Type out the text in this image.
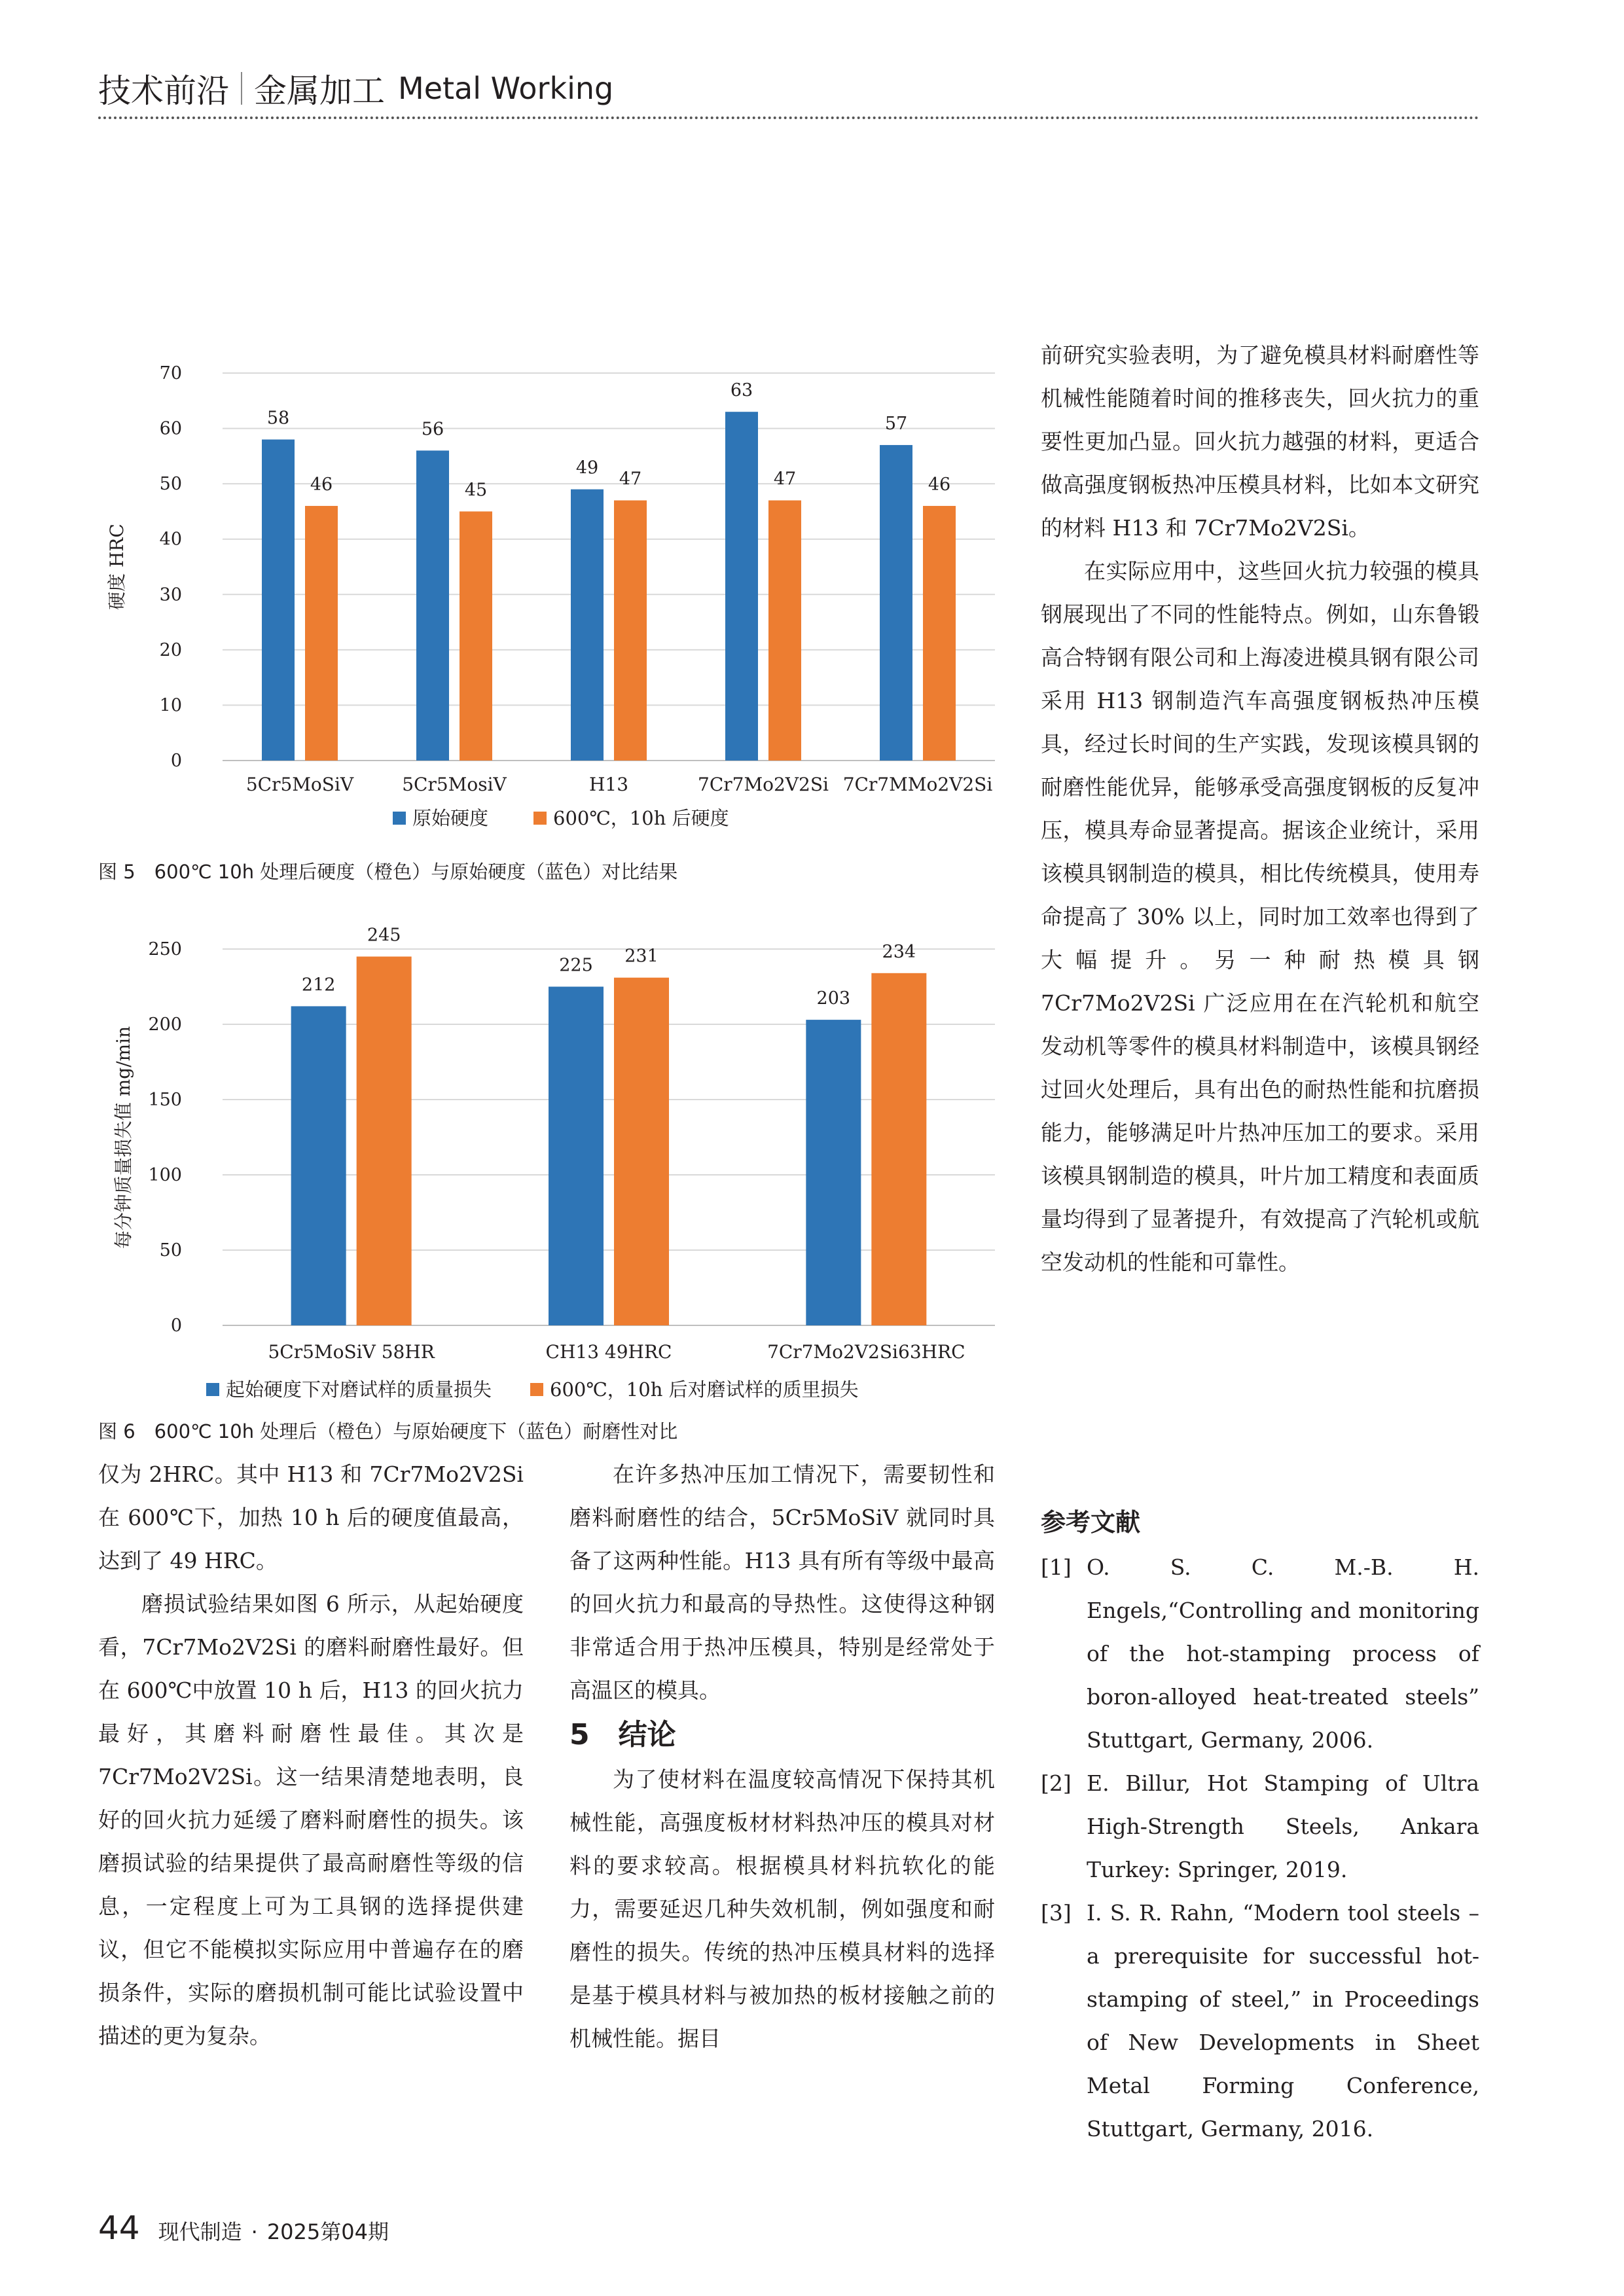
技术前沿 金属加工 Metal Working
0
10
20
30
40
50
60
70
硬度 HRC
5Cr5MoSiV
58
46
5Cr5MosiV
56
45
H13
49
47
7Cr7Mo2V2Si
63
47
7Cr7MMo2V2Si
57
46
原始硬度	600℃，10h 后硬度
图 5　600℃ 10h 处理后硬度（橙色）与原始硬度（蓝色）对比结果
0
50
100
150
200
250
每分钟质量损失值 mg/min
5Cr5MoSiV 58HR
212
245
CH13 49HRC
225 231
7Cr7Mo2V2Si63HRC
203
234
起始硬度下对磨试样的质量损失	600℃，10h 后对磨试样的质里损失
图 6　600℃ 10h 处理后（橙色）与原始硬度下（蓝色）耐磨性对比

仅为 2HRC。其中 H13 和 7Cr7Mo2V2Si 在 600℃下，加热 10 h 后的硬度值最高，达到了 49 HRC。

磨损试验结果如图 6 所示，从起始硬度看，7Cr7Mo2V2Si 的磨料耐磨性最好。但在 600℃中放置 10 h 后，H13 的回火抗力最好，其磨料耐磨性最佳。其次是 7Cr7Mo2V2Si。这一结果清楚地表明，良好的回火抗力延缓了磨料耐磨性的损失。该磨损试验的结果提供了最高耐磨性等级的信息，一定程度上可为工具钢的选择提供建议，但它不能模拟实际应用中普遍存在的磨损条件，实际的磨损机制可能比试验设置中描述的更为复杂。

在许多热冲压加工情况下，需要韧性和磨料耐磨性的结合，5Cr5MoSiV 就同时具备了这两种性能。H13 具有所有等级中最高的回火抗力和最高的导热性。这使得这种钢非常适合用于热冲压模具，特别是经常处于高温区的模具。

5　结论

为了使材料在温度较高情况下保持其机械性能，高强度板材材料热冲压的模具对材料的要求较高。根据模具材料抗软化的能力，需要延迟几种失效机制，例如强度和耐磨性的损失。传统的热冲压模具材料的选择是基于模具材料与被加热的板材接触之前的机械性能。据目

前研究实验表明，为了避免模具材料耐磨性等机械性能随着时间的推移丧失，回火抗力的重要性更加凸显。回火抗力越强的材料，更适合做高强度钢板热冲压模具材料，比如本文研究的材料 H13 和 7Cr7Mo2V2Si。

在实际应用中，这些回火抗力较强的模具钢展现出了不同的性能特点。例如，山东鲁锻高合特钢有限公司和上海凌进模具钢有限公司采用 H13 钢制造汽车高强度钢板热冲压模具，经过长时间的生产实践，发现该模具钢的耐磨性能优异，能够承受高强度钢板的反复冲压，模具寿命显著提高。据该企业统计，采用该模具钢制造的模具，相比传统模具，使用寿命提高了 30% 以上，同时加工效率也得到了大幅提升。另一种耐热模具钢 7Cr7Mo2V2Si 广泛应用在在汽轮机和航空发动机等零件的模具材料制造中，该模具钢经过回火处理后，具有出色的耐热性能和抗磨损能力，能够满足叶片热冲压加工的要求。采用该模具钢制造的模具，叶片加工精度和表面质量均得到了显著提升，有效提高了汽轮机或航空发动机的性能和可靠性。

参考文献
[1] O. S. C. M.-B. H. Engels,“Controlling and monitoring of the hot-stamping process of boron-alloyed heat-treated steels” Stuttgart, Germany, 2006.
[2] E. Billur, Hot Stamping of Ultra High-Strength Steels, Ankara Turkey: Springer, 2019.
[3] I. S. R. Rahn, “Modern tool steels – a prerequisite for successful hot-stamping of steel,” in Proceedings of New Developments in Sheet Metal Forming Conference, Stuttgart, Germany, 2016.
44 现代制造 · 2025第04期
